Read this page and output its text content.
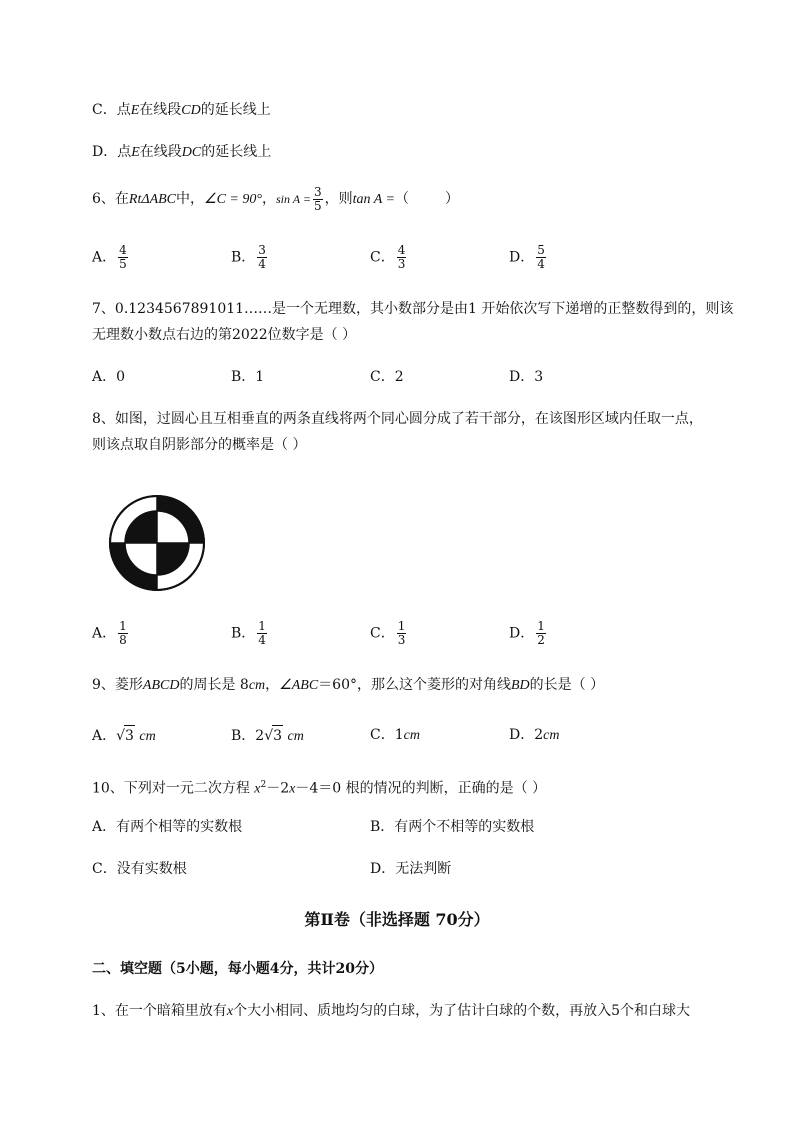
C．点E在线段CD的延长线上
D．点E在线段DC的延长线上
6、在RtΔABC中，∠C = 90°，$\sin A = \frac{3}{5}$ ，则tan A =（	）
A． $\frac{4}{5}$	B． $\frac{3}{4}$	C． $\frac{4}{3}$	D． $\frac{5}{4}$
7、0.1234567891011……是一个无理数，其小数部分是由1 开始依次写下递增的正整数得到的，则该
无理数小数点右边的第2022位数字是（ ）
A．0	B．1	C．2	D．3
8、如图，过圆心且互相垂直的两条直线将两个同心圆分成了若干部分，在该图形区域内任取一点，
则该点取自阴影部分的概率是（ ）
A． $\frac{1}{8}$	B． $\frac{1}{4}$	C． $\frac{1}{3}$	D． $\frac{1}{2}$
9、菱形ABCD的周长是 8cm，∠ABC＝60°，那么这个菱形的对角线BD的长是（ ）
A．√3 cm	B．2√3 cm	C．1cm	D．2cm
10、下列对一元二次方程 $x^2-2x-4=0$ 根的情况的判断，正确的是（ ）
A．有两个相等的实数根	B．有两个不相等的实数根
C．没有实数根	D．无法判断
第Ⅱ卷（非选择题 70分）
二、填空题（5小题，每小题4分，共计20分）
1、在一个暗箱里放有x个大小相同、质地均匀的白球，为了估计白球的个数，再放入5个和白球大
